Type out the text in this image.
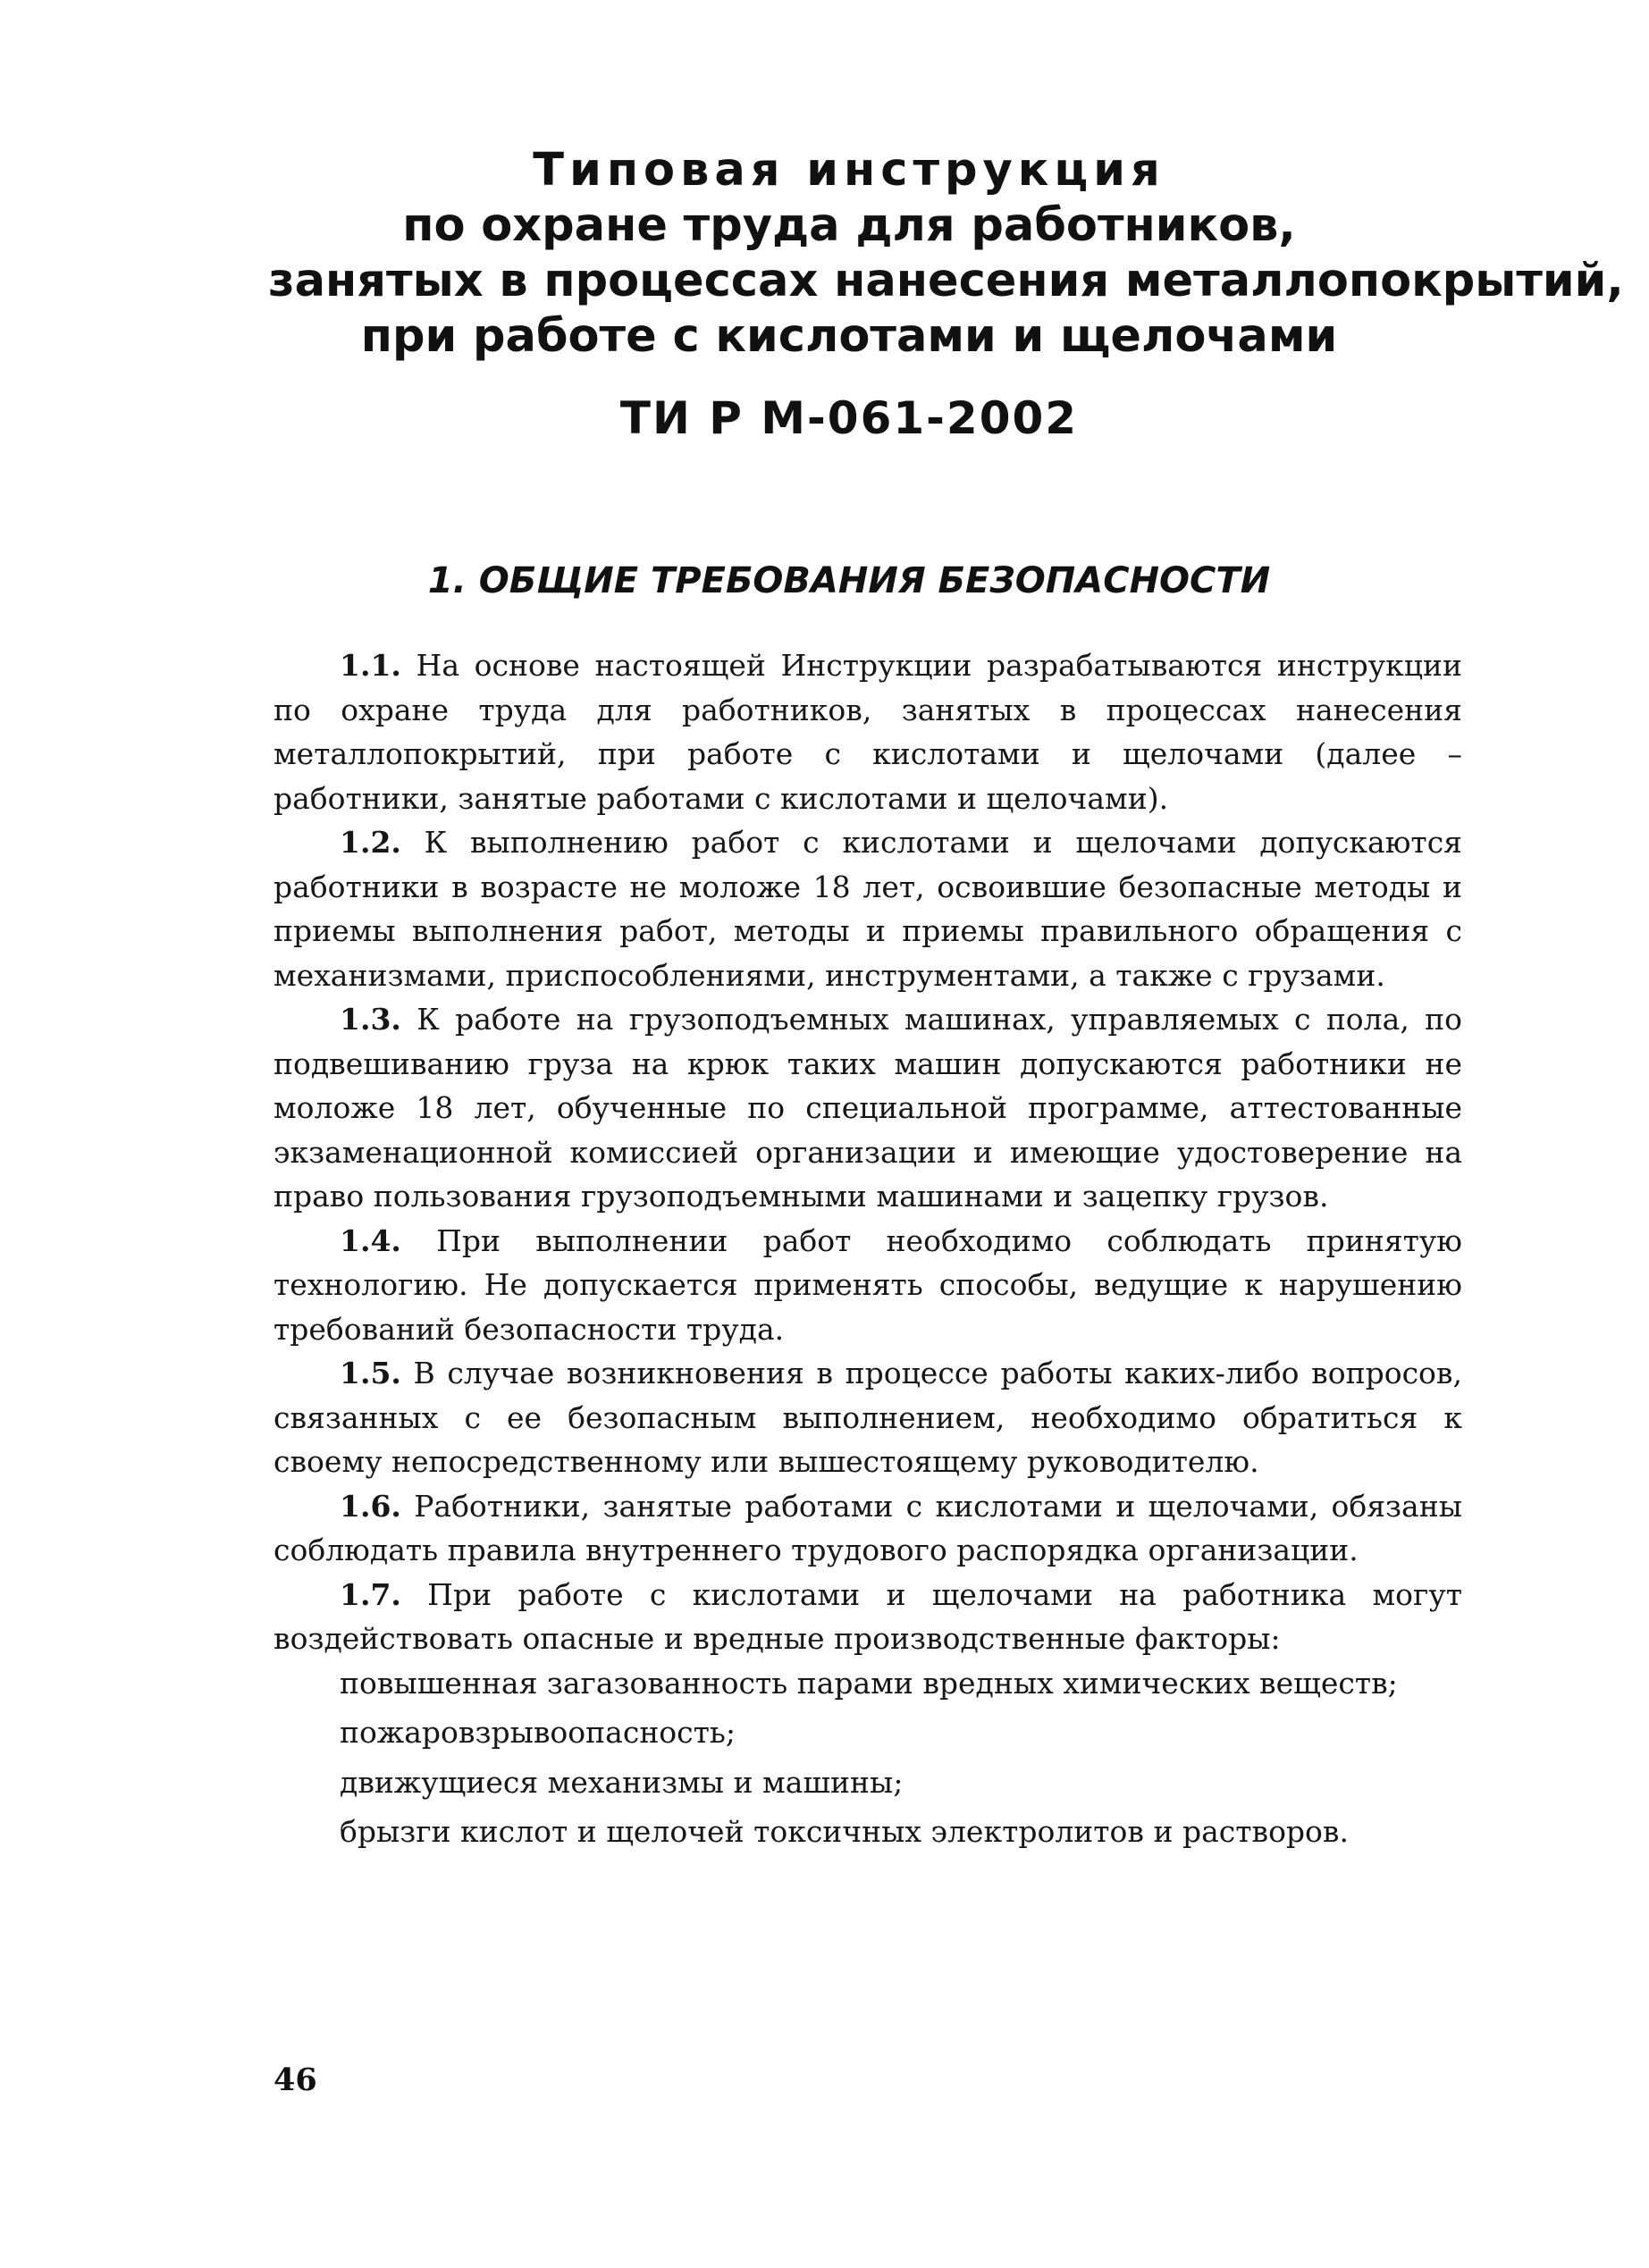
Типовая инструкция
по охране труда для работников,
занятых в процессах нанесения металлопокрытий,
при работе с кислотами и щелочами
ТИ Р М-061-2002
1. ОБЩИЕ ТРЕБОВАНИЯ БЕЗОПАСНОСТИ

1.1. На основе настоящей Инструкции разрабатываются инструкции по охране труда для работников, занятых в процессах нанесения металлопокрытий, при работе с кислотами и щелочами (далее – работники, занятые работами с кислотами и щелочами).

1.2. К выполнению работ с кислотами и щелочами допускаются работники в возрасте не моложе 18 лет, освоившие безопасные методы и приемы выполнения работ, методы и приемы правильного обращения с механизмами, приспособлениями, инструментами, а также с грузами.

1.3. К работе на грузоподъемных машинах, управляемых с пола, по подвешиванию груза на крюк таких машин допускаются работники не моложе 18 лет, обученные по специальной программе, аттестованные экзаменационной комиссией организации и имеющие удостоверение на право пользования грузоподъемными машинами и зацепку грузов.

1.4. При выполнении работ необходимо соблюдать принятую технологию. Не допускается применять способы, ведущие к нарушению требований безопасности труда.

1.5. В случае возникновения в процессе работы каких-либо вопросов, связанных с ее безопасным выполнением, необходимо обратиться к своему непосредственному или вышестоящему руководителю.

1.6. Работники, занятые работами с кислотами и щелочами, обязаны соблюдать правила внутреннего трудового распорядка организации.

1.7. При работе с кислотами и щелочами на работника могут воздействовать опасные и вредные производственные факторы:

повышенная загазованность парами вредных химических веществ;

пожаровзрывоопасность;

движущиеся механизмы и машины;

брызги кислот и щелочей токсичных электролитов и растворов.

46
